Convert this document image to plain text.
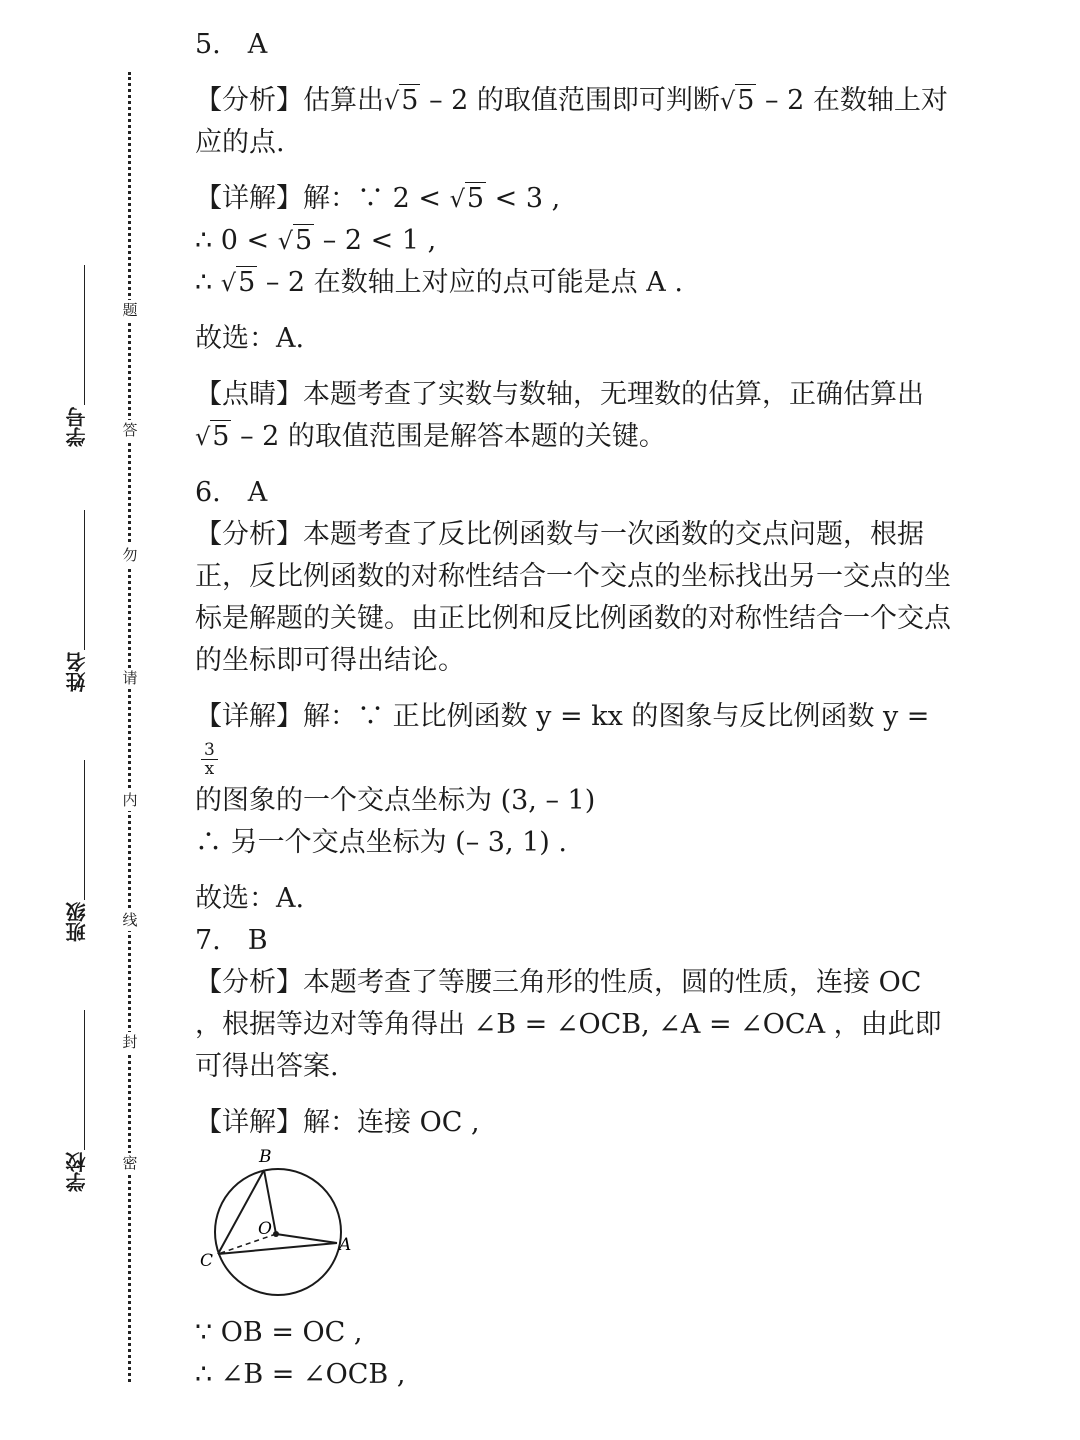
题
答
勿
请
内
线
封
密
学号
姓名
班级
学校

5.　A

【分析】估算出√5 – 2 的取值范围即可判断√5 – 2 在数轴上对应的点.

【详解】解：∵ 2 < √5 < 3 ,

∴ 0 < √5 – 2 < 1 ,

∴ √5 – 2 在数轴上对应的点可能是点 A .

故选：A.

【点睛】本题考查了实数与数轴，无理数的估算，正确估算出√5 – 2 的取值范围是解答本题的关键。

6.　A

【分析】本题考查了反比例函数与一次函数的交点问题，根据正，反比例函数的对称性结合一个交点的坐标找出另一交点的坐标是解题的关键。由正比例和反比例函数的对称性结合一个交点的坐标即可得出结论。

【详解】解：∵ 正比例函数 y = kx 的图象与反比例函数 y =
$\frac{3}{x}$

的图象的一个交点坐标为 (3, – 1)

∴ 另一个交点坐标为 (– 3, 1) .

故选：A.

7.　B

【分析】本题考查了等腰三角形的性质，圆的性质，连接 OC ，根据等边对等角得出 ∠B = ∠OCB, ∠A = ∠OCA ，由此即可得出答案.

【详解】解：连接 OC ,

B
O
C
A

∵ OB = OC ,

∴ ∠B = ∠OCB ,
